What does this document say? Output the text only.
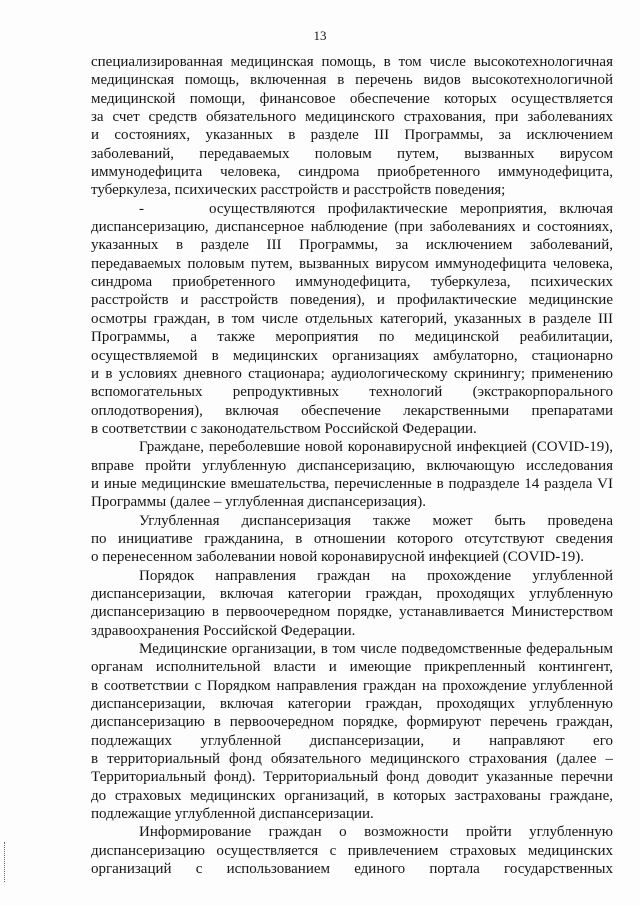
13
специализированная медицинская помощь, в том числе высокотехнологичная
медицинская помощь, включенная в перечень видов высокотехнологичной
медицинской помощи, финансовое обеспечение которых осуществляется
за счет средств обязательного медицинского страхования, при заболеваниях
и состояниях, указанных в разделе III Программы, за исключением
заболеваний, передаваемых половым путем, вызванных вирусом
иммунодефицита человека, синдрома приобретенного иммунодефицита,
туберкулеза, психических расстройств и расстройств поведения;
-	осуществляются профилактические мероприятия, включая
диспансеризацию, диспансерное наблюдение (при заболеваниях и состояниях,
указанных в разделе III Программы, за исключением заболеваний,
передаваемых половым путем, вызванных вирусом иммунодефицита человека,
синдрома приобретенного иммунодефицита, туберкулеза, психических
расстройств и расстройств поведения), и профилактические медицинские
осмотры граждан, в том числе отдельных категорий, указанных в разделе III
Программы, а также мероприятия по медицинской реабилитации,
осуществляемой в медицинских организациях амбулаторно, стационарно
и в условиях дневного стационара; аудиологическому скринингу; применению
вспомогательных репродуктивных технологий (экстракорпорального
оплодотворения), включая обеспечение лекарственными препаратами
в соответствии с законодательством Российской Федерации.
Граждане, переболевшие новой коронавирусной инфекцией (COVID-19),
вправе пройти углубленную диспансеризацию, включающую исследования
и иные медицинские вмешательства, перечисленные в подразделе 14 раздела VI
Программы (далее – углубленная диспансеризация).
Углубленная диспансеризация также может быть проведена
по инициативе гражданина, в отношении которого отсутствуют сведения
о перенесенном заболевании новой коронавирусной инфекцией (COVID-19).
Порядок направления граждан на прохождение углубленной
диспансеризации, включая категории граждан, проходящих углубленную
диспансеризацию в первоочередном порядке, устанавливается Министерством
здравоохранения Российской Федерации.
Медицинские организации, в том числе подведомственные федеральным
органам исполнительной власти и имеющие прикрепленный контингент,
в соответствии с Порядком направления граждан на прохождение углубленной
диспансеризации, включая категории граждан, проходящих углубленную
диспансеризацию в первоочередном порядке, формируют перечень граждан,
подлежащих углубленной диспансеризации, и направляют его
в территориальный фонд обязательного медицинского страхования (далее –
Территориальный фонд). Территориальный фонд доводит указанные перечни
до страховых медицинских организаций, в которых застрахованы граждане,
подлежащие углубленной диспансеризации.
Информирование граждан о возможности пройти углубленную
диспансеризацию осуществляется с привлечением страховых медицинских
организаций с использованием единого портала государственных
